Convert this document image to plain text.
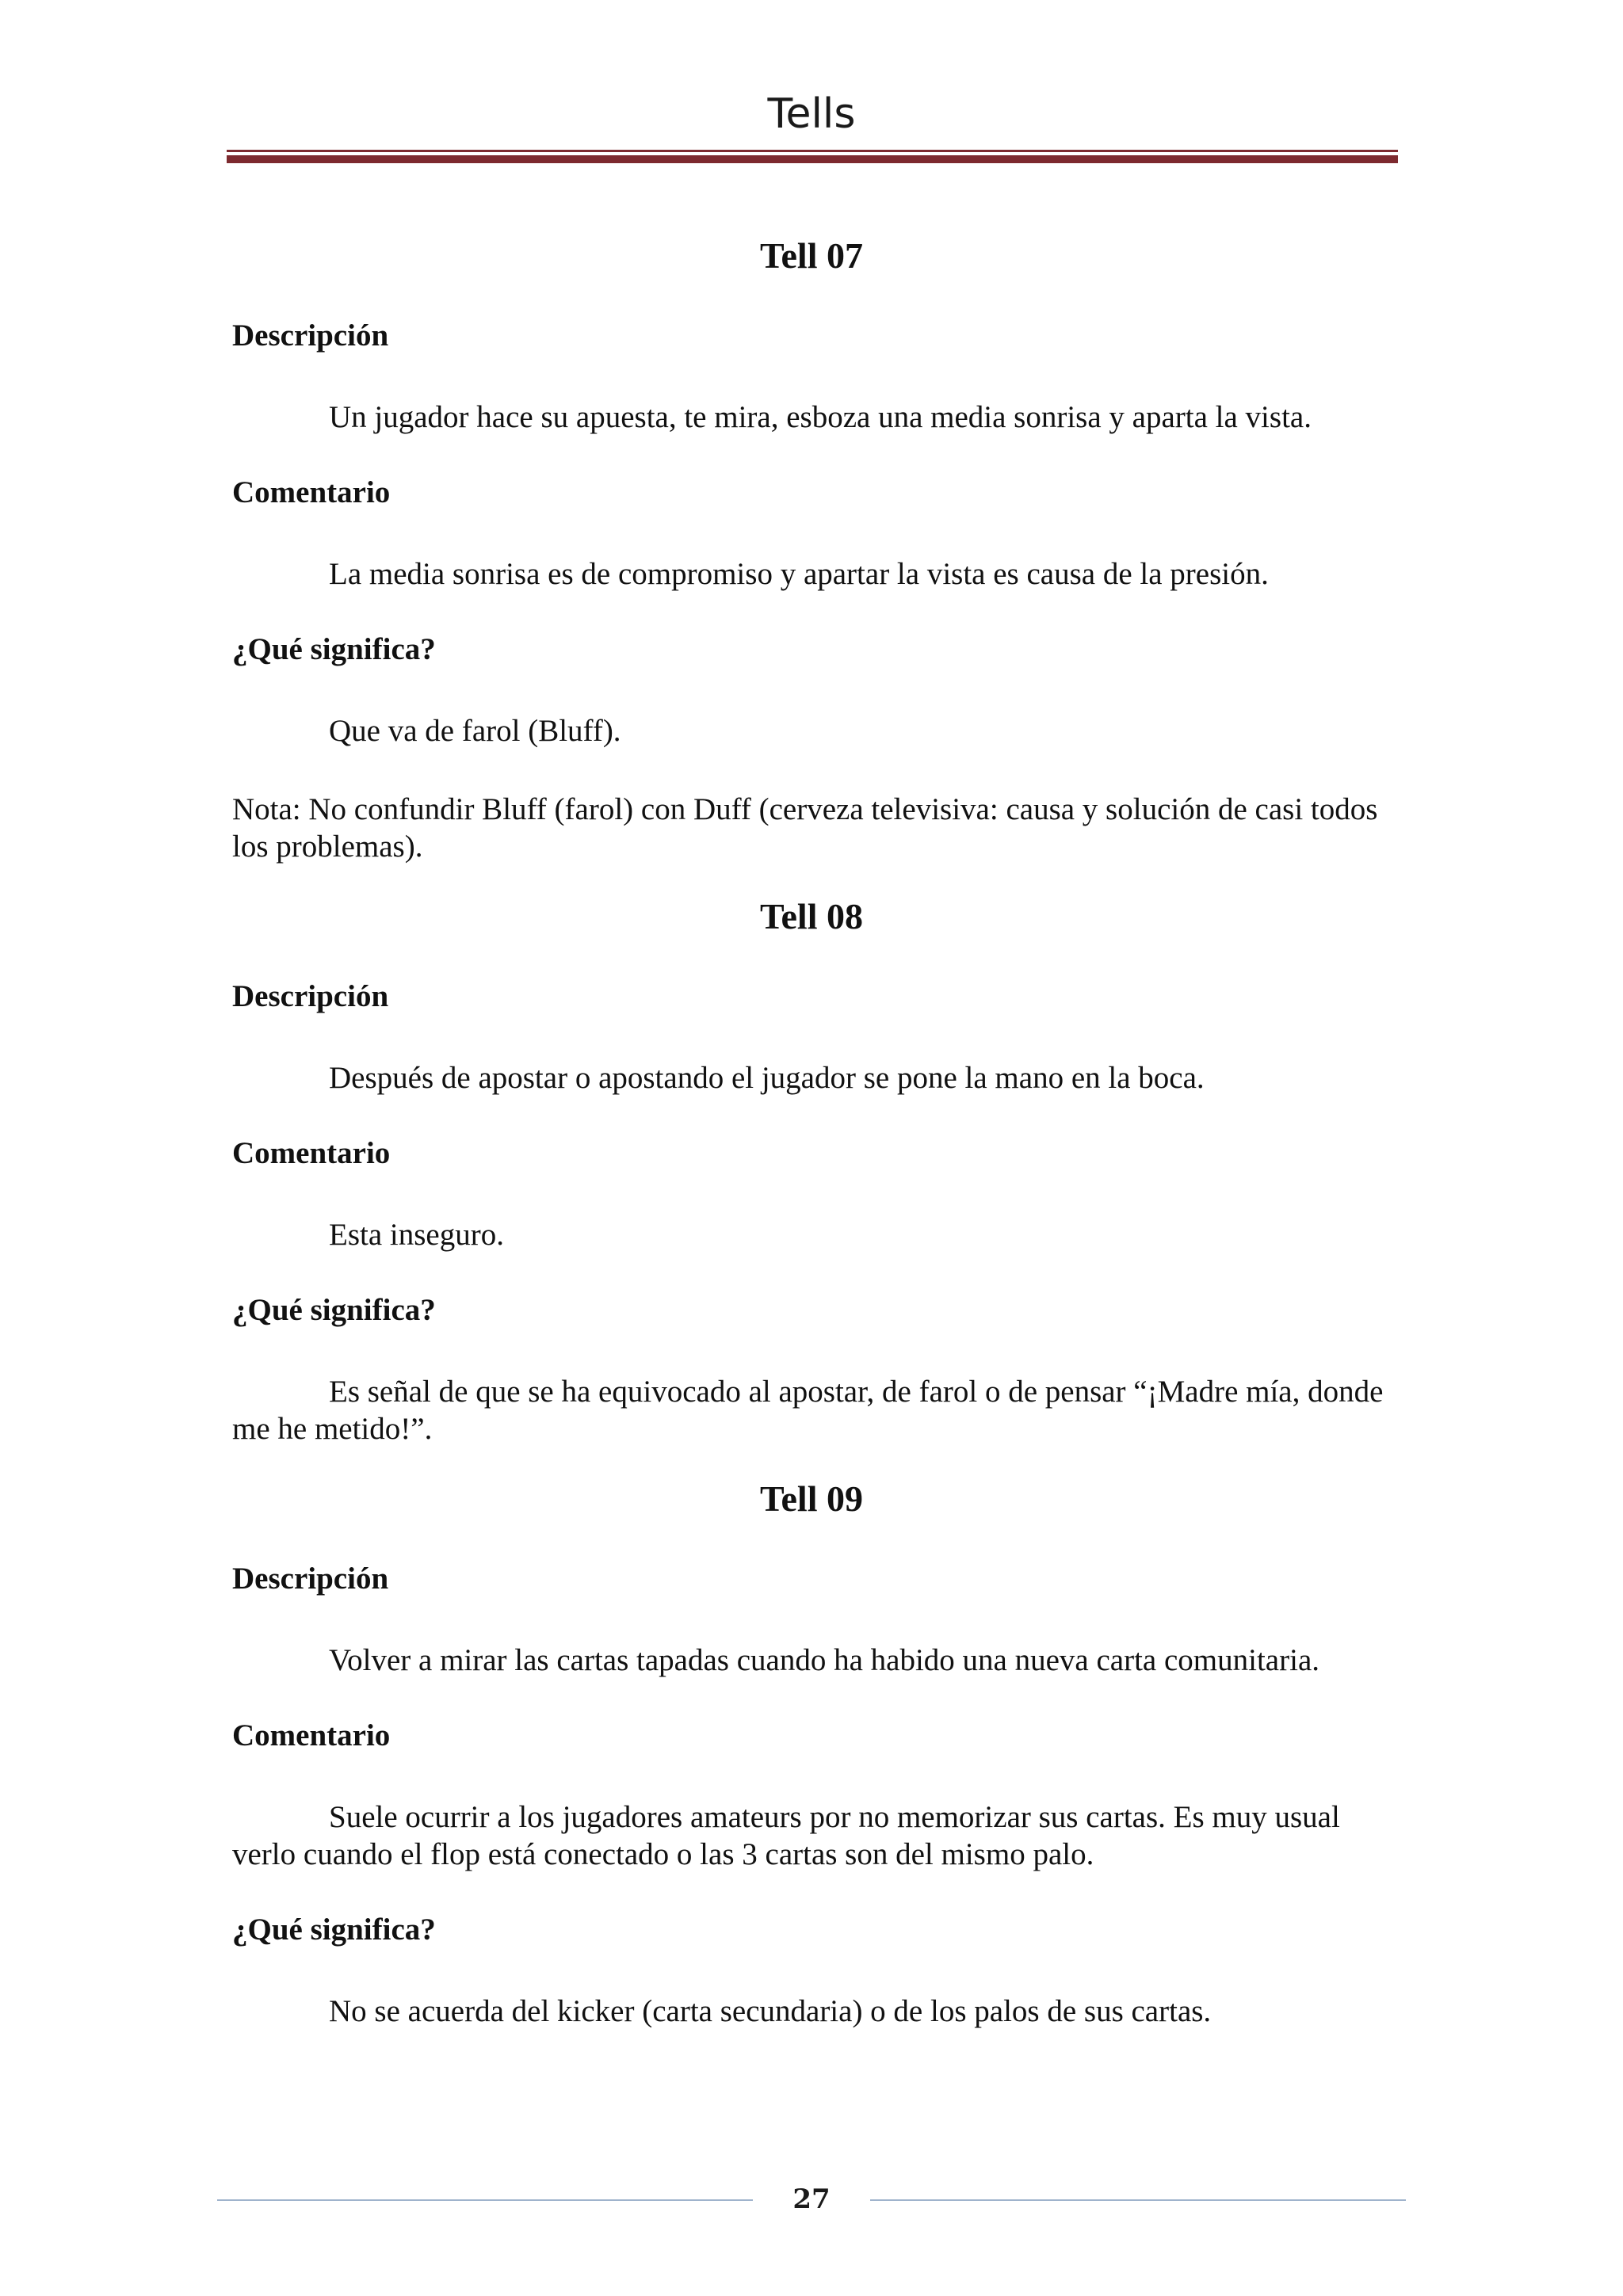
Tells
Tell 07

Descripción

Un jugador hace su apuesta, te mira, esboza una media sonrisa y aparta la vista.

Comentario

La media sonrisa es de compromiso y apartar la vista es causa de la presión.

¿Qué significa?

Que va de farol (Bluff).

Nota: No confundir Bluff (farol) con Duff (cerveza televisiva: causa y solución de casi todos los problemas).

Tell 08

Descripción

Después de apostar o apostando el jugador se pone la mano en la boca.

Comentario

Esta inseguro.

¿Qué significa?

Es señal de que se ha equivocado al apostar, de farol o de pensar “¡Madre mía, donde me he metido!”.

Tell 09

Descripción

Volver a mirar las cartas tapadas cuando ha habido una nueva carta comunitaria.

Comentario

Suele ocurrir a los jugadores amateurs por no memorizar sus cartas. Es muy usual verlo cuando el flop está conectado o las 3 cartas son del mismo palo.

¿Qué significa?

No se acuerda del kicker (carta secundaria) o de los palos de sus cartas.

27
